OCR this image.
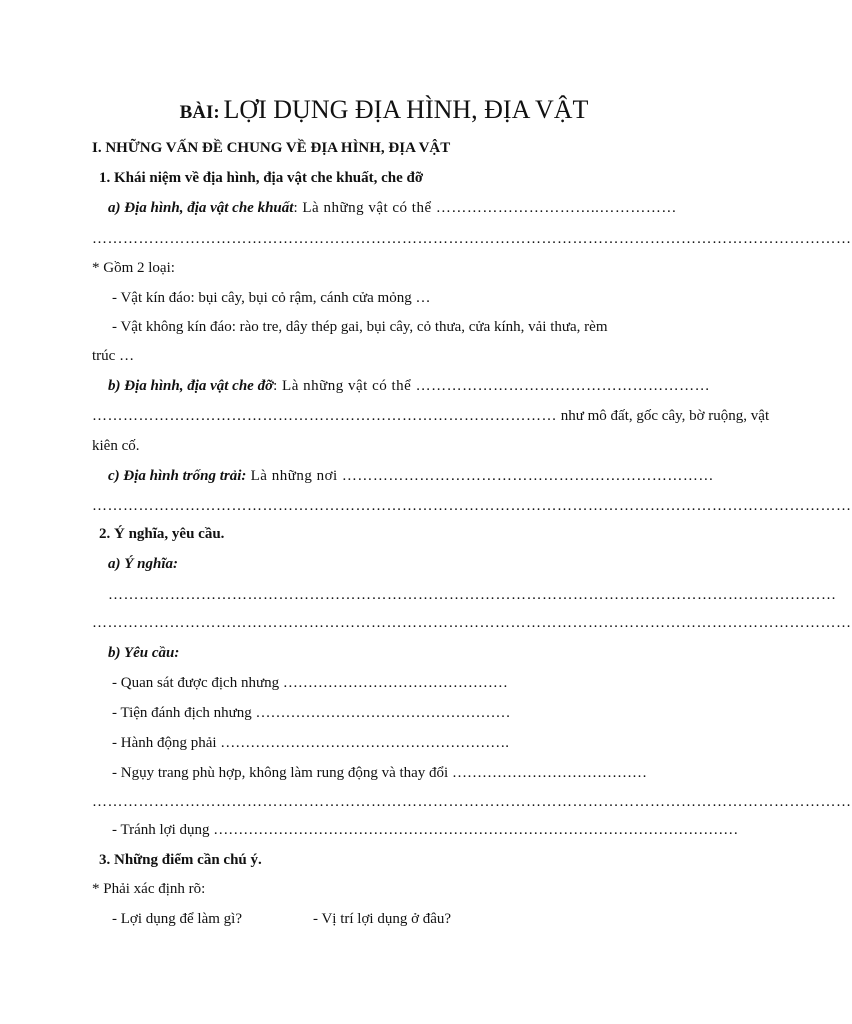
BÀI: LỢI DỤNG ĐỊA HÌNH, ĐỊA VẬT
I. NHỮNG VẤN ĐỀ CHUNG VỀ ĐỊA HÌNH, ĐỊA VẬT
1. Khái niệm về địa hình, địa vật che khuất, che đỡ
a) Địa hình, địa vật che khuất: Là những vật có thể …………………………..……………
…………………………………………………………………………………………………………………………………
* Gồm 2 loại:
- Vật kín đáo: bụi cây, bụi cỏ rậm, cánh cửa mỏng …
- Vật không kín đáo: rào tre, dây thép gai, bụi cây, cỏ thưa, cửa kính, vải thưa, rèm
trúc …
b) Địa hình, địa vật che đỡ: Là những vật có thể …………………………………………………
……………………………………………………………………………… như mô đất, gốc cây, bờ ruộng, vật
kiên cố.
c) Địa hình trống trải: Là những nơi ………………………………………………………………
…………………………………………………………………………………………………………………………………
2. Ý nghĩa, yêu cầu.
a) Ý nghĩa:
……………………………………………………………………………………………………………………………
…………………………………………………………………………………………………………………………………
b) Yêu cầu:
- Quan sát được địch nhưng ………………………………………
- Tiện đánh địch nhưng ……………………………………………
- Hành động phải ………………………………………………….
- Ngụy trang phù hợp, không làm rung động và thay đổi …………………………………
…………………………………………………………………………………………………………………………………
- Tránh lợi dụng ……………………………………………………………………………………………
3. Những điểm cần chú ý.
* Phải xác định rõ:
- Lợi dụng để làm gì?	- Vị trí lợi dụng ở đâu?
